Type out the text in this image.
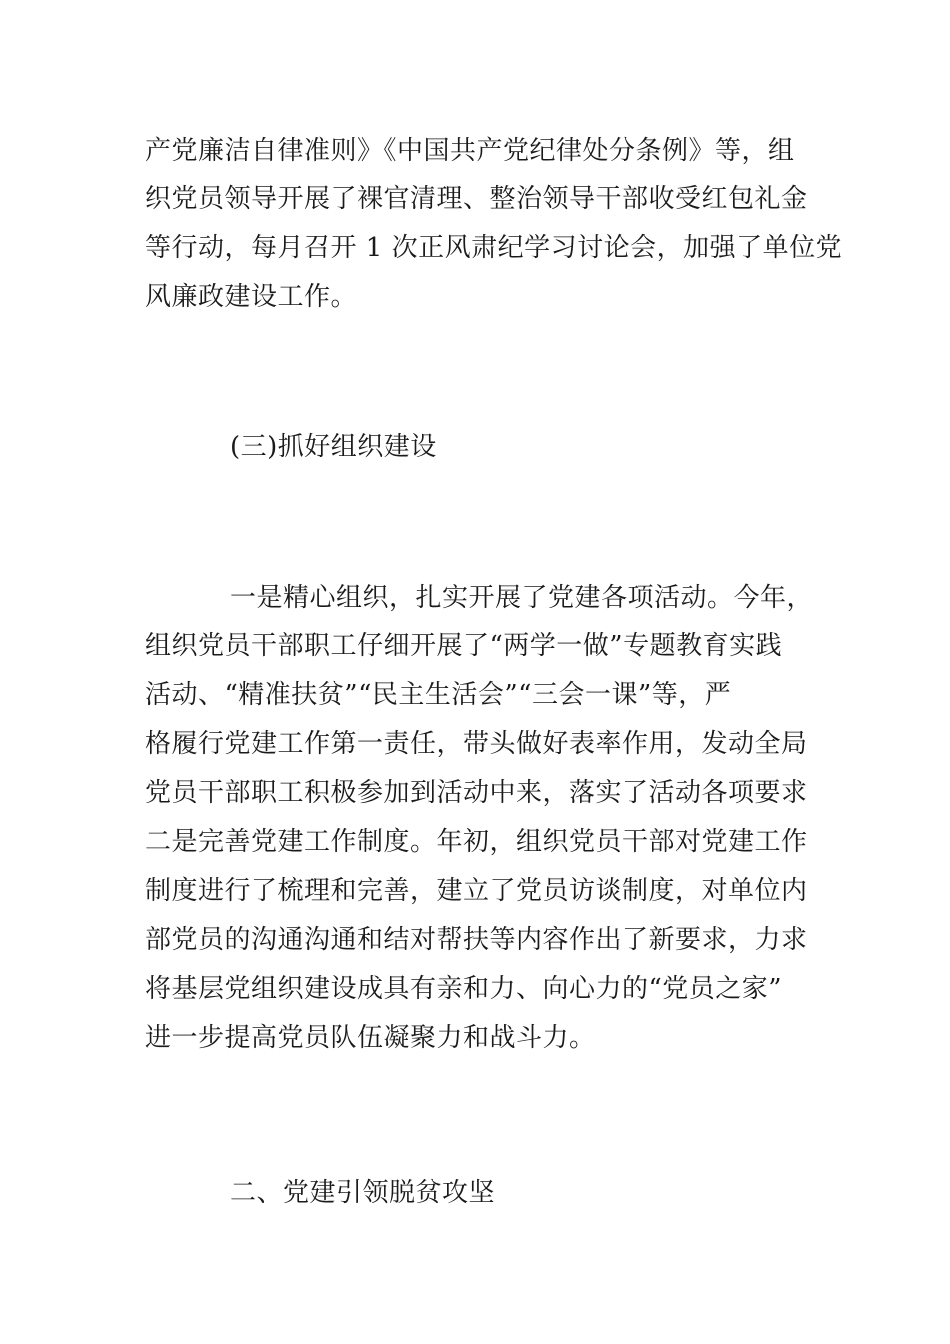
产党廉洁自律准则》《中国共产党纪律处分条例》等，组
织党员领导开展了裸官清理、整治领导干部收受红包礼金
等行动，每月召开 1 次正风肃纪学习讨论会，加强了单位党
风廉政建设工作。
(三)抓好组织建设
一是精心组织，扎实开展了党建各项活动。今年，
组织党员干部职工仔细开展了“两学一做”专题教育实践
活动、“精准扶贫”“民主生活会”“三会一课”等，严
格履行党建工作第一责任，带头做好表率作用，发动全局
党员干部职工积极参加到活动中来，落实了活动各项要求
二是完善党建工作制度。年初，组织党员干部对党建工作
制度进行了梳理和完善，建立了党员访谈制度，对单位内
部党员的沟通沟通和结对帮扶等内容作出了新要求，力求
将基层党组织建设成具有亲和力、向心力的“党员之家”
进一步提高党员队伍凝聚力和战斗力。
二、党建引领脱贫攻坚
